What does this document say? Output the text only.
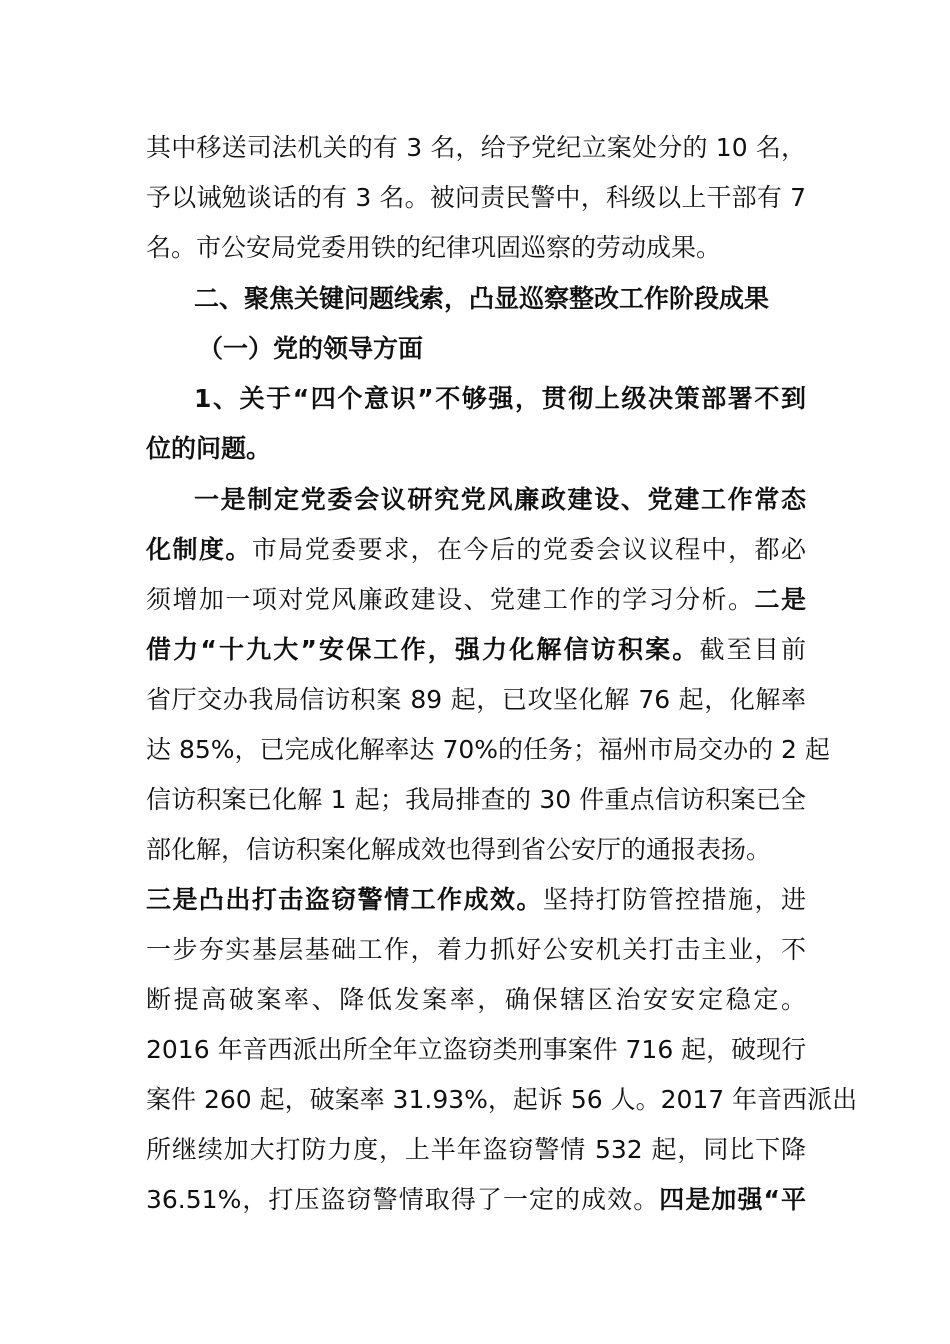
其中移送司法机关的有 3 名，给予党纪立案处分的 10 名，
予以诫勉谈话的有 3 名。被问责民警中，科级以上干部有 7
名。市公安局党委用铁的纪律巩固巡察的劳动成果。
二、聚焦关键问题线索，凸显巡察整改工作阶段成果
（一）党的领导方面
1、关于“四个意识”不够强，贯彻上级决策部署不到
位的问题。
一是制定党委会议研究党风廉政建设、党建工作常态
化制度。市局党委要求，在今后的党委会议议程中，都必
须增加一项对党风廉政建设、党建工作的学习分析。二是
借力“十九大”安保工作，强力化解信访积案。截至目前
省厅交办我局信访积案 89 起，已攻坚化解 76 起，化解率
达 85%，已完成化解率达 70%的任务；福州市局交办的 2 起
信访积案已化解 1 起；我局排查的 30 件重点信访积案已全
部化解，信访积案化解成效也得到省公安厅的通报表扬。
三是凸出打击盗窃警情工作成效。坚持打防管控措施，进
一步夯实基层基础工作，着力抓好公安机关打击主业，不
断提高破案率、降低发案率，确保辖区治安安定稳定。
2016 年音西派出所全年立盗窃类刑事案件 716 起，破现行
案件 260 起，破案率 31.93%，起诉 56 人。2017 年音西派出
所继续加大打防力度，上半年盗窃警情 532 起，同比下降
36.51%，打压盗窃警情取得了一定的成效。四是加强“平
